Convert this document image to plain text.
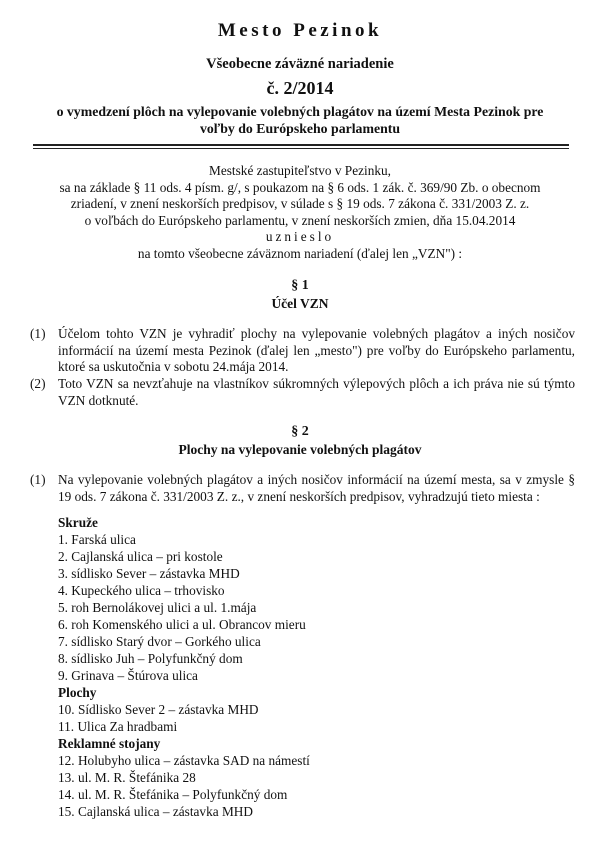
Mesto Pezinok
Všeobecne záväzné nariadenie
č. 2/2014
o vymedzení plôch na vylepovanie volebných plagátov na území Mesta Pezinok pre
voľby do Európskeho parlamentu
Mestské zastupiteľstvo v Pezinku,
sa na základe § 11 ods. 4 písm. g/, s poukazom na § 6 ods. 1 zák. č. 369/90 Zb. o obecnom
zriadení, v znení neskorších predpisov, v súlade s § 19 ods. 7 zákona č. 331/2003 Z. z.
o voľbách do Európskeho parlamentu, v znení neskorších zmien, dňa 15.04.2014
uznieslo
na tomto všeobecne záväznom nariadení (ďalej len „VZN") :
§ 1
Účel VZN
(1) Účelom tohto VZN je vyhradiť plochy na vylepovanie volebných plagátov a iných nosičov informácií na území mesta Pezinok (ďalej len „mesto") pre voľby do Európskeho parlamentu, ktoré sa uskutočnia v sobotu 24.mája 2014.
(2) Toto VZN sa nevzťahuje na vlastníkov súkromných výlepových plôch a ich práva nie sú týmto VZN dotknuté.
§ 2
Plochy na vylepovanie volebných plagátov
(1) Na vylepovanie volebných plagátov a iných nosičov informácií na území mesta, sa v zmysle § 19 ods. 7 zákona č. 331/2003 Z. z., v znení neskorších predpisov, vyhradzujú tieto miesta :
Skruže
1. Farská ulica
2. Cajlanská ulica – pri kostole
3. sídlisko Sever – zástavka MHD
4. Kupeckého ulica – trhovisko
5. roh Bernolákovej ulici a ul. 1.mája
6. roh Komenského ulici a ul. Obrancov mieru
7. sídlisko Starý dvor – Gorkého ulica
8. sídlisko Juh – Polyfunkčný dom
9. Grinava – Štúrova ulica
Plochy
10. Sídlisko Sever 2 – zástavka MHD
11. Ulica Za hradbami
Reklamné stojany
12. Holubyho ulica – zástavka SAD na námestí
13. ul. M. R. Štefánika 28
14. ul. M. R. Štefánika – Polyfunkčný dom
15. Cajlanská ulica – zástavka MHD
